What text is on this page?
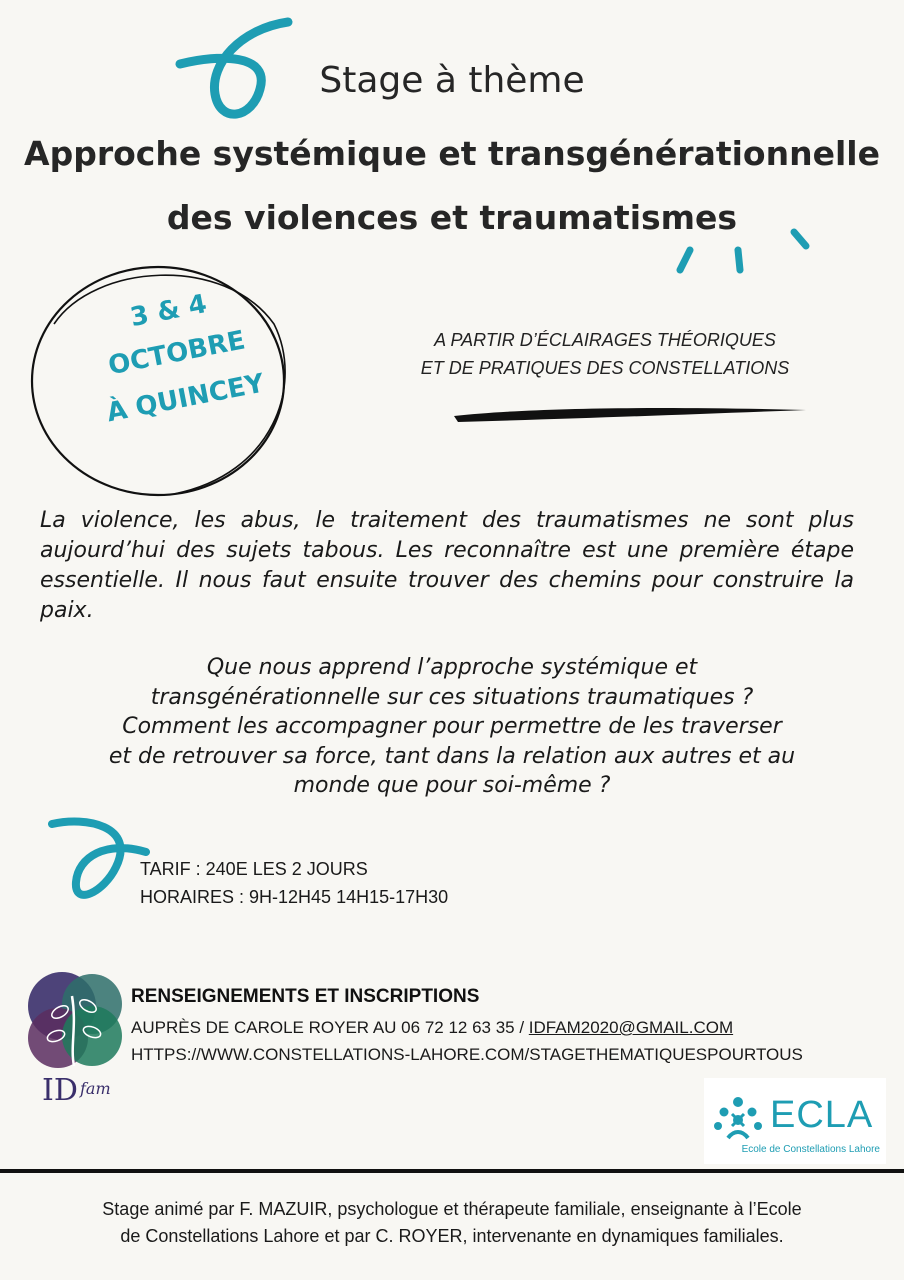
Stage à thème
Approche systémique et transgénérationnelle
des violences et traumatismes
3 & 4
OCTOBRE
À QUINCEY
A PARTIR D’ÉCLAIRAGES THÉORIQUES
ET DE PRATIQUES DES CONSTELLATIONS
La violence, les abus, le traitement des traumatismes ne sont plus aujourd’hui des sujets tabous. Les reconnaître est une première étape essentielle. Il nous faut ensuite trouver des chemins pour construire la paix.
Que nous apprend l’approche systémique et
transgénérationnelle sur ces situations traumatiques ?
Comment les accompagner pour permettre de les traverser
et de retrouver sa force, tant dans la relation aux autres et au
monde que pour soi-même ?
TARIF : 240E LES 2 JOURS
HORAIRES : 9H-12H45 14H15-17H30
ID fam
RENSEIGNEMENTS ET INSCRIPTIONS
AUPRÈS DE CAROLE ROYER AU 06 72 12 63 35 / IDFAM2020@GMAIL.COM
HTTPS://WWW.CONSTELLATIONS-LAHORE.COM/STAGETHEMATIQUESPOURTOUS
ECLA
Ecole de Constellations Lahore
Stage animé par F. MAZUIR, psychologue et thérapeute familiale, enseignante à l’Ecole
de Constellations Lahore et par C. ROYER, intervenante en dynamiques familiales.
